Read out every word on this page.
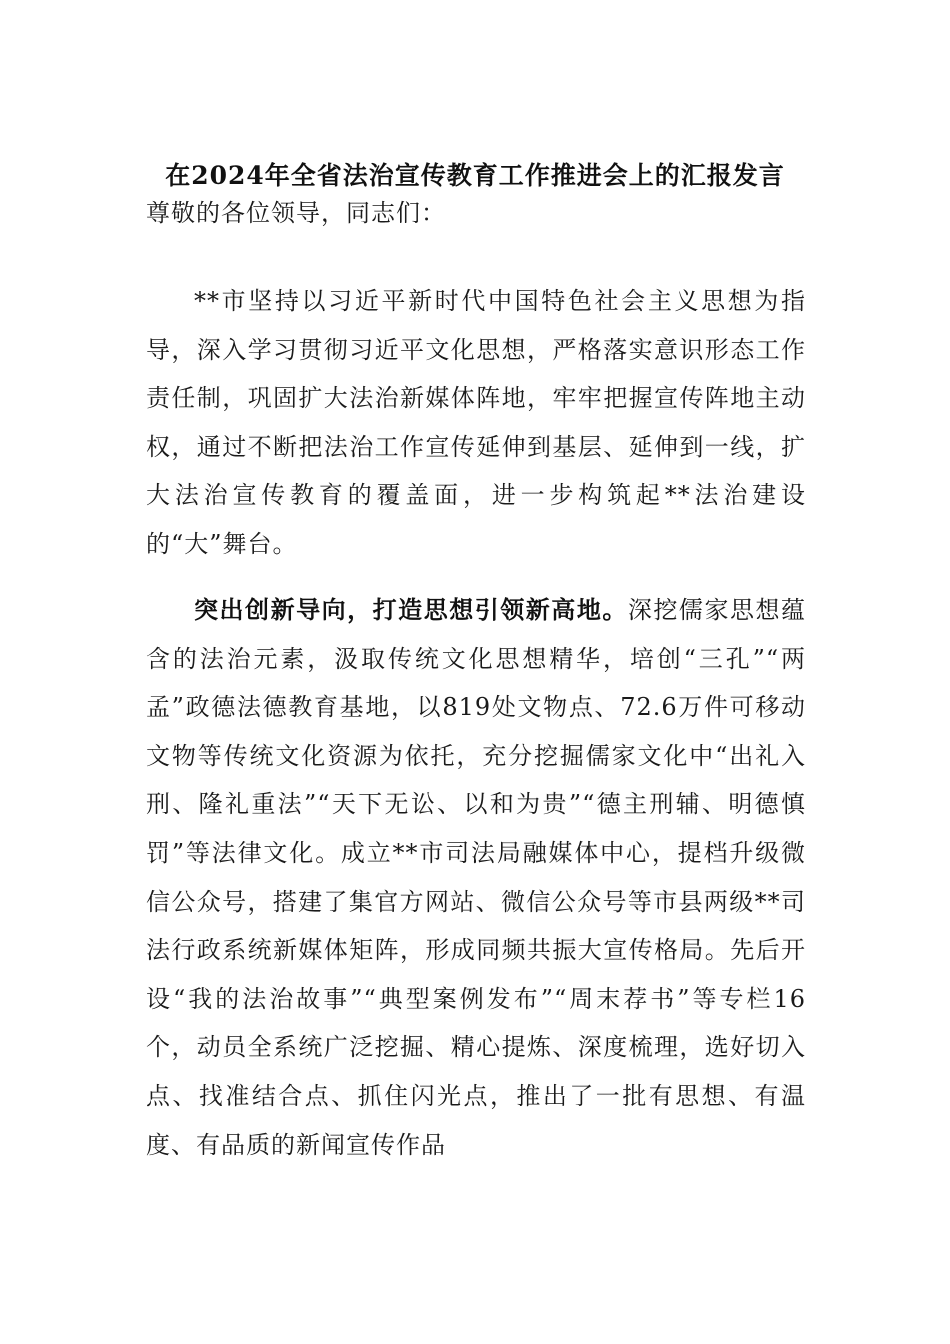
在2024年全省法治宣传教育工作推进会上的汇报发言
尊敬的各位领导，同志们：

**市坚持以习近平新时代中国特色社会主义思想为指导，深入学习贯彻习近平文化思想，严格落实意识形态工作责任制，巩固扩大法治新媒体阵地，牢牢把握宣传阵地主动权，通过不断把法治工作宣传延伸到基层、延伸到一线，扩大法治宣传教育的覆盖面，进一步构筑起**法治建设的“大”舞台。

突出创新导向，打造思想引领新高地。深挖儒家思想蕴含的法治元素，汲取传统文化思想精华，培创“三孔”“两孟”政德法德教育基地，以819处文物点、72.6万件可移动文物等传统文化资源为依托，充分挖掘儒家文化中“出礼入刑、隆礼重法”“天下无讼、以和为贵”“德主刑辅、明德慎罚”等法律文化。成立**市司法局融媒体中心，提档升级微信公众号，搭建了集官方网站、微信公众号等市县两级**司法行政系统新媒体矩阵，形成同频共振大宣传格局。先后开设“我的法治故事”“典型案例发布”“周末荐书”等专栏16个，动员全系统广泛挖掘、精心提炼、深度梳理，选好切入点、找准结合点、抓住闪光点，推出了一批有思想、有温度、有品质的新闻宣传作品
